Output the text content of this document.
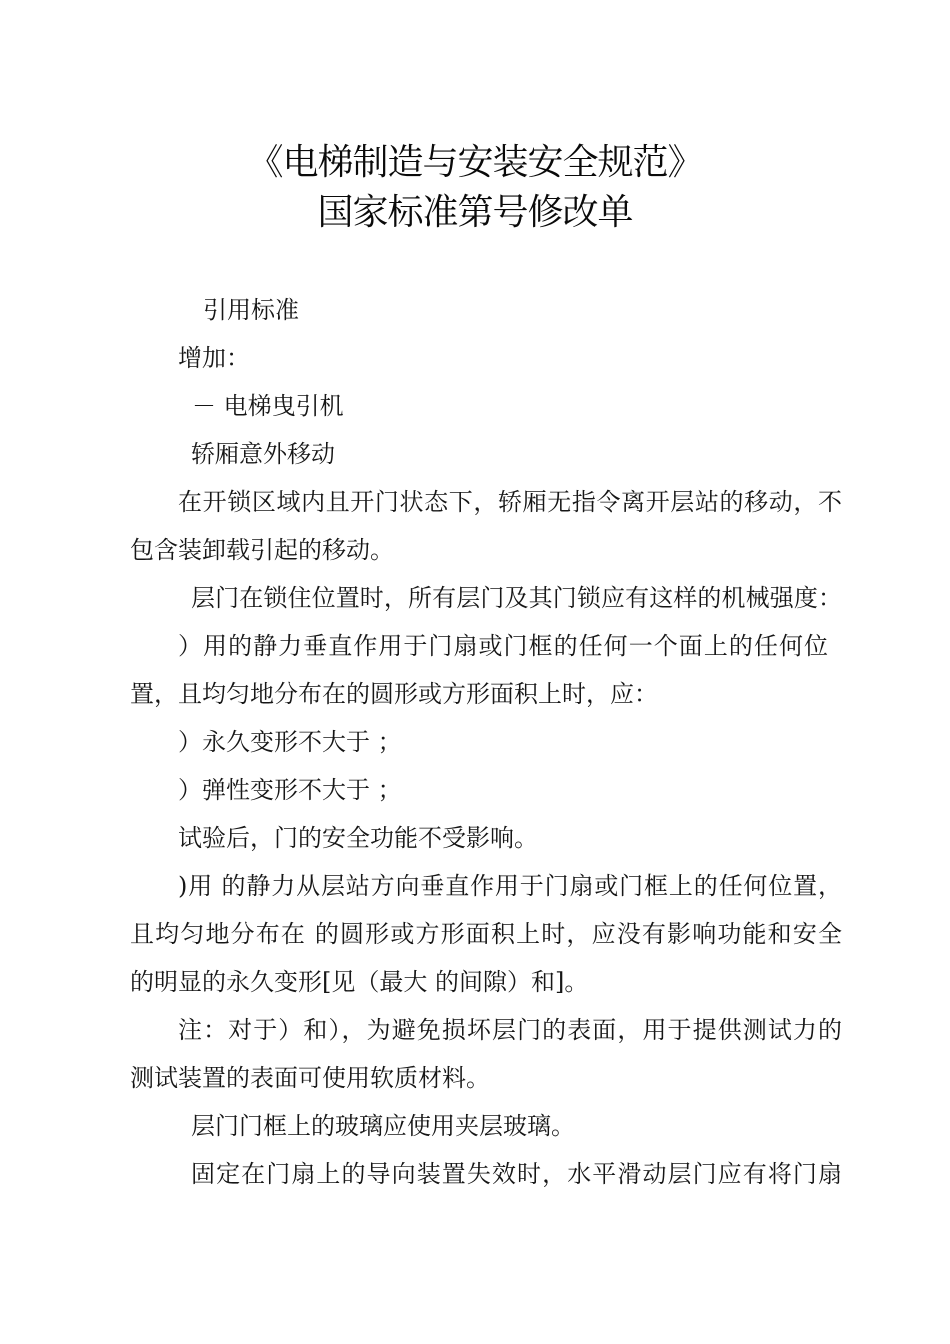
《电梯制造与安装安全规范》
国家标准第号修改单
引用标准
增加：
－ 电梯曳引机
轿厢意外移动
在开锁区域内且开门状态下，轿厢无指令离开层站的移动，不
包含装卸载引起的移动。
层门在锁住位置时，所有层门及其门锁应有这样的机械强度：
）用的静力垂直作用于门扇或门框的任何一个面上的任何位
置，且均匀地分布在的圆形或方形面积上时，应：
）永久变形不大于 ；
）弹性变形不大于 ；
试验后，门的安全功能不受影响。
)用 的静力从层站方向垂直作用于门扇或门框上的任何位置，
且均匀地分布在 的圆形或方形面积上时，应没有影响功能和安全
的明显的永久变形[见（最大 的间隙）和]。
注：对于）和），为避免损坏层门的表面，用于提供测试力的
测试装置的表面可使用软质材料。
层门门框上的玻璃应使用夹层玻璃。
固定在门扇上的导向装置失效时，水平滑动层门应有将门扇
